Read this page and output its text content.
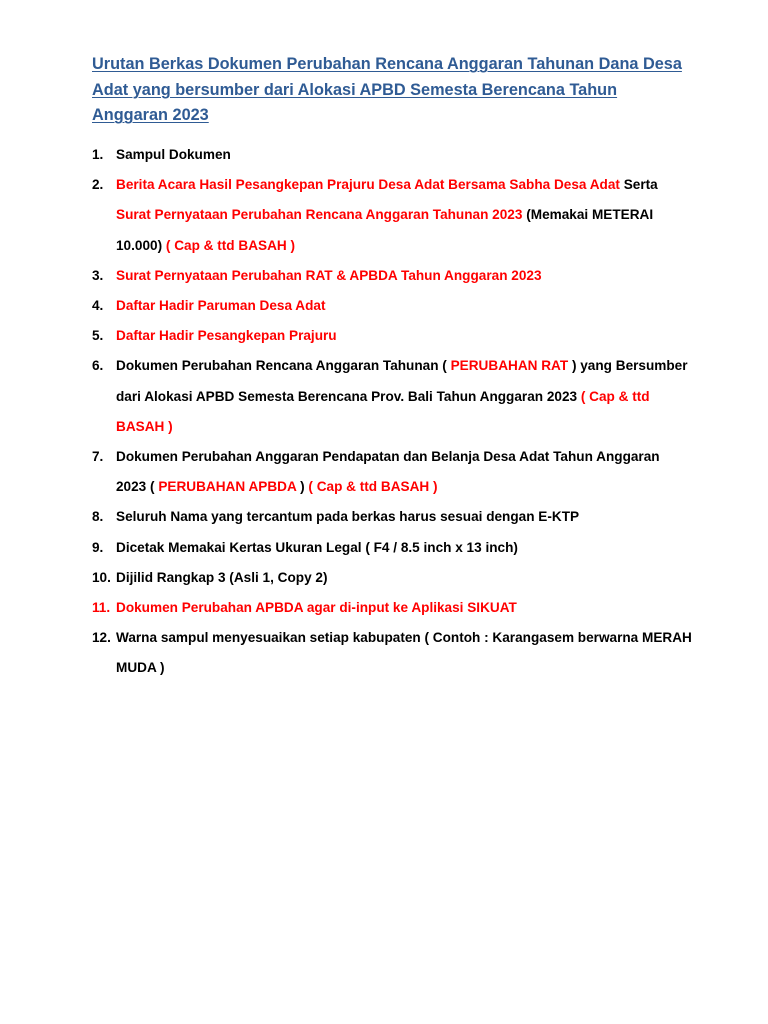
Urutan Berkas Dokumen Perubahan Rencana Anggaran Tahunan Dana Desa Adat yang bersumber dari Alokasi APBD Semesta Berencana Tahun Anggaran 2023
1. Sampul Dokumen
2. Berita Acara Hasil Pesangkepan Prajuru Desa Adat Bersama Sabha Desa Adat Serta Surat Pernyataan Perubahan Rencana Anggaran Tahunan 2023 (Memakai METERAI 10.000) ( Cap & ttd BASAH )
3. Surat Pernyataan Perubahan RAT & APBDA Tahun Anggaran 2023
4. Daftar Hadir Paruman Desa Adat
5. Daftar Hadir Pesangkepan Prajuru
6. Dokumen Perubahan Rencana Anggaran Tahunan ( PERUBAHAN RAT ) yang Bersumber dari Alokasi APBD Semesta Berencana Prov. Bali Tahun Anggaran 2023 ( Cap & ttd BASAH )
7. Dokumen Perubahan Anggaran Pendapatan dan Belanja Desa Adat Tahun Anggaran 2023 ( PERUBAHAN APBDA ) ( Cap & ttd BASAH )
8. Seluruh Nama yang tercantum pada berkas harus sesuai dengan E-KTP
9. Dicetak Memakai Kertas Ukuran Legal ( F4 / 8.5 inch x 13 inch)
10. Dijilid Rangkap 3 (Asli 1, Copy 2)
11. Dokumen Perubahan APBDA agar di-input ke Aplikasi SIKUAT
12. Warna sampul menyesuaikan setiap kabupaten ( Contoh : Karangasem berwarna MERAH MUDA )
